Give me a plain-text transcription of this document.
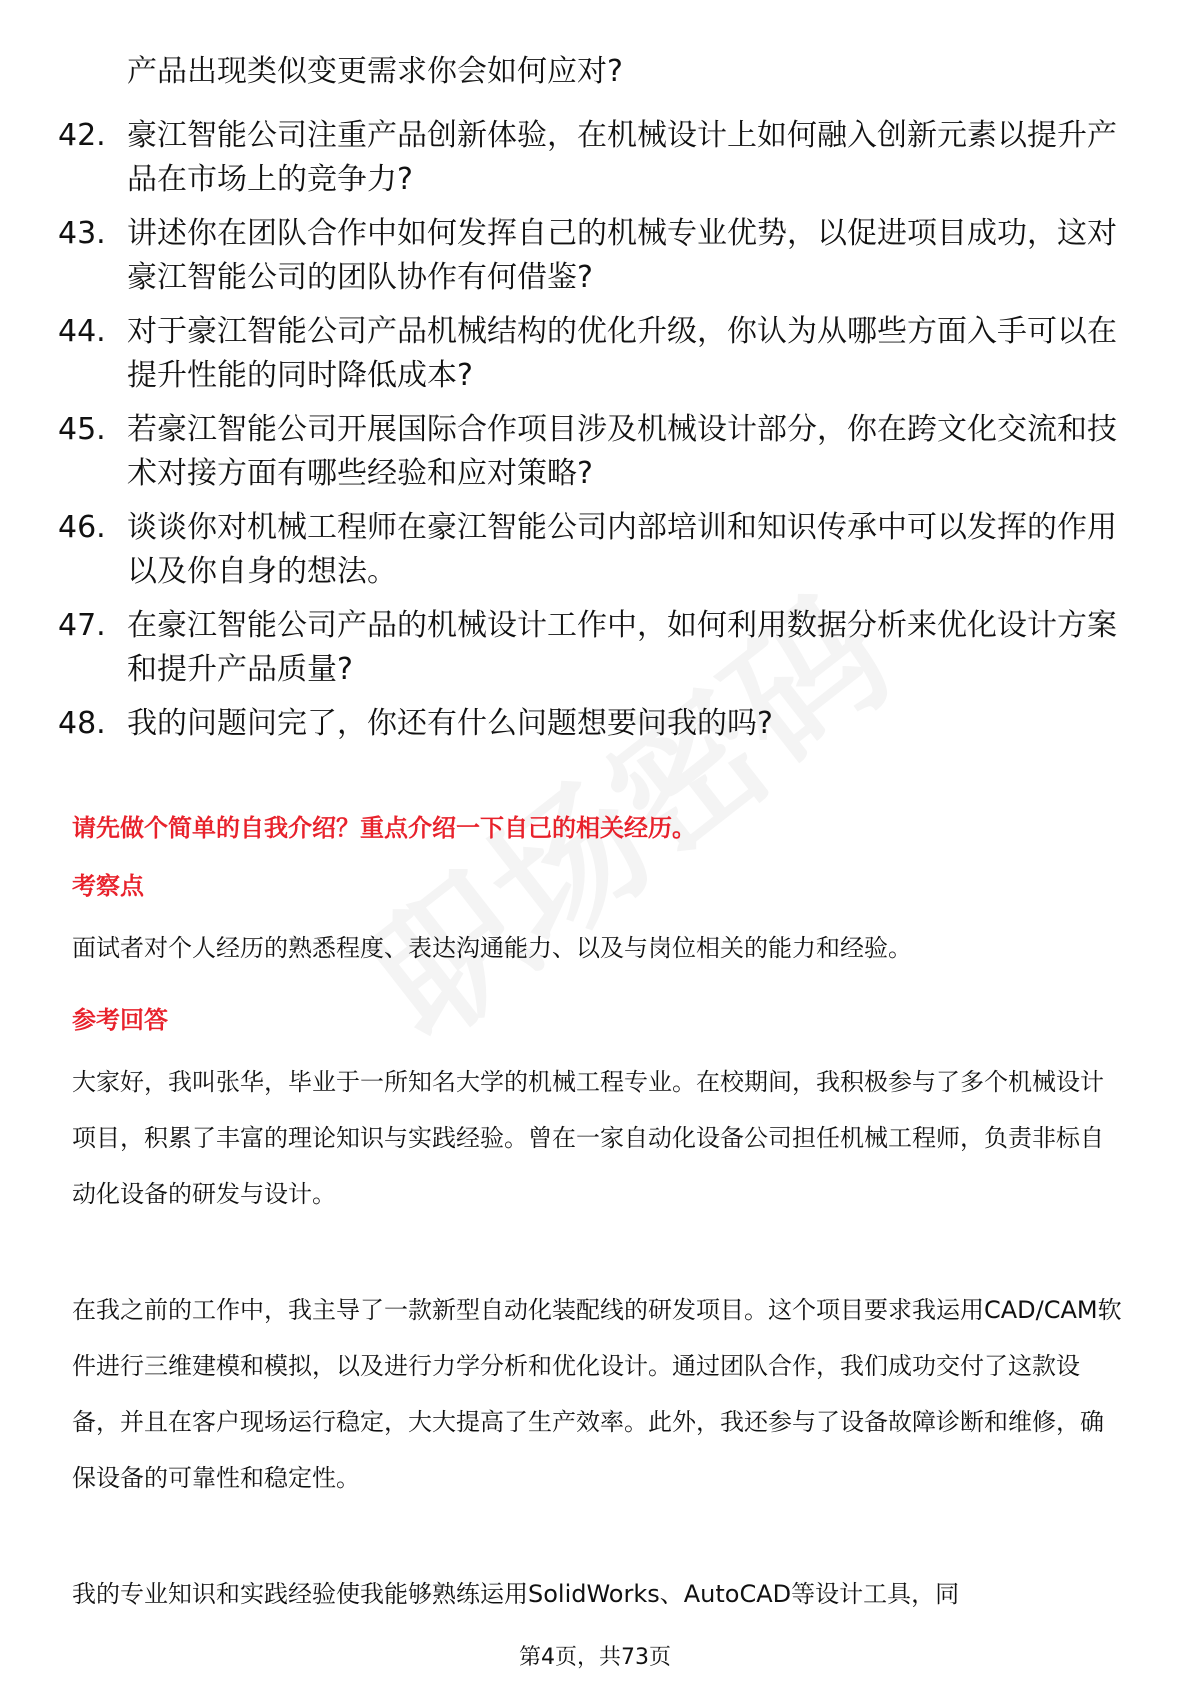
产品出现类似变更需求你会如何应对?
42. 豪江智能公司注重产品创新体验，在机械设计上如何融入创新元素以提升产品在市场上的竞争力?
43. 讲述你在团队合作中如何发挥自己的机械专业优势，以促进项目成功，这对豪江智能公司的团队协作有何借鉴?
44. 对于豪江智能公司产品机械结构的优化升级，你认为从哪些方面入手可以在提升性能的同时降低成本?
45. 若豪江智能公司开展国际合作项目涉及机械设计部分，你在跨文化交流和技术对接方面有哪些经验和应对策略?
46. 谈谈你对机械工程师在豪江智能公司内部培训和知识传承中可以发挥的作用以及你自身的想法。
47. 在豪江智能公司产品的机械设计工作中，如何利用数据分析来优化设计方案和提升产品质量?
48. 我的问题问完了，你还有什么问题想要问我的吗?
请先做个简单的自我介绍？重点介绍一下自己的相关经历。
考察点

面试者对个人经历的熟悉程度、表达沟通能力、以及与岗位相关的能力和经验。

参考回答

大家好，我叫张华，毕业于一所知名大学的机械工程专业。在校期间，我积极参与了多个机械设计项目，积累了丰富的理论知识与实践经验。曾在一家自动化设备公司担任机械工程师，负责非标自动化设备的研发与设计。

在我之前的工作中，我主导了一款新型自动化装配线的研发项目。这个项目要求我运用CAD/CAM软件进行三维建模和模拟，以及进行力学分析和优化设计。通过团队合作，我们成功交付了这款设备，并且在客户现场运行稳定，大大提高了生产效率。此外，我还参与了设备故障诊断和维修，确保设备的可靠性和稳定性。

我的专业知识和实践经验使我能够熟练运用SolidWorks、AutoCAD等设计工具，同

第4页，共73页
